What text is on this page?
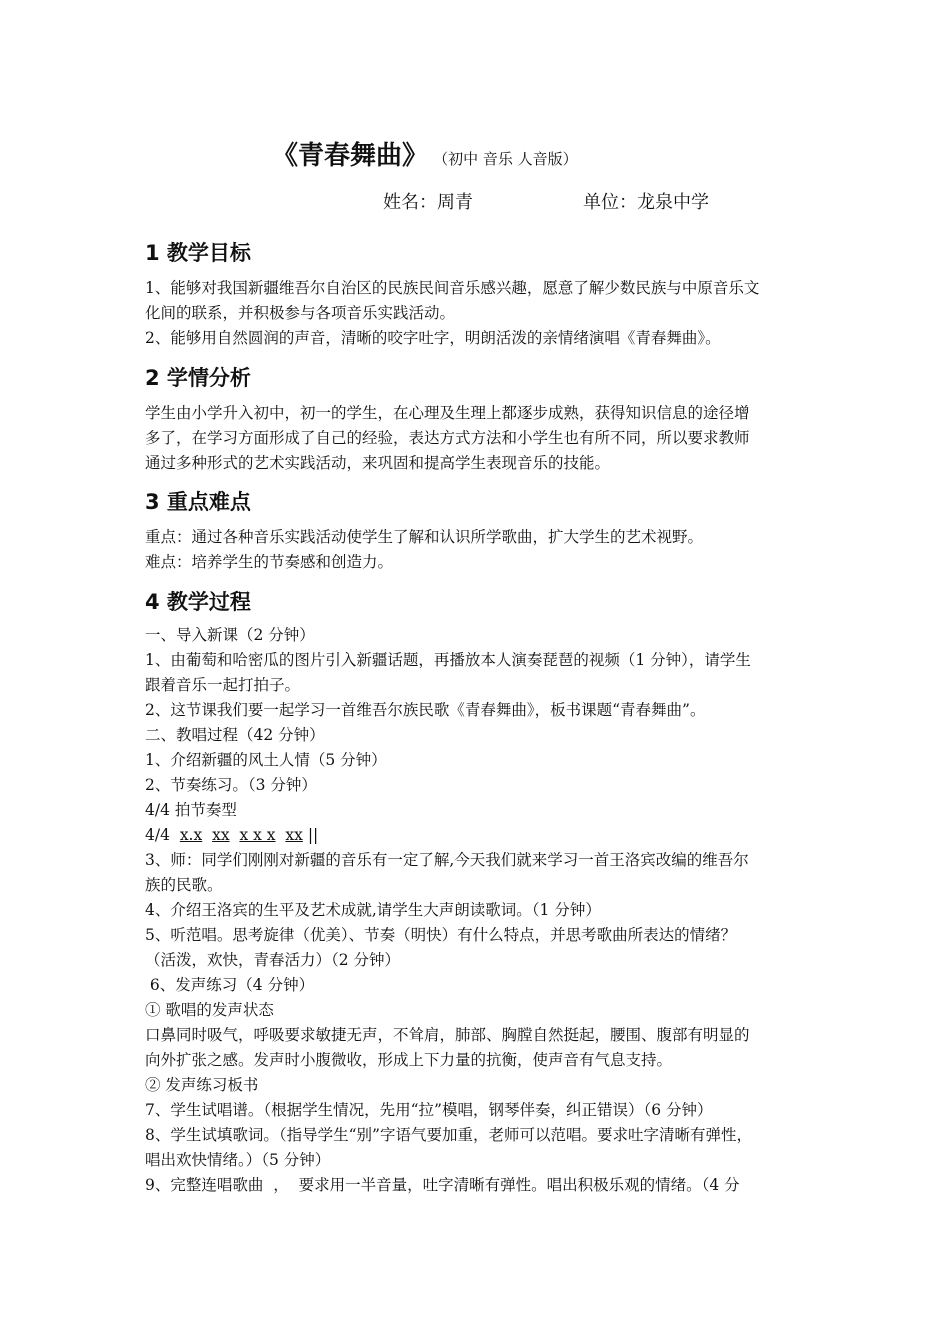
《青春舞曲》 （初中 音乐 人音版）
姓名：周青	单位：龙泉中学
1 教学目标
1、能够对我国新疆维吾尔自治区的民族民间音乐感兴趣，愿意了解少数民族与中原音乐文
化间的联系，并积极参与各项音乐实践活动。
2、能够用自然圆润的声音，清晰的咬字吐字，明朗活泼的亲情绪演唱《青春舞曲》。
2 学情分析
学生由小学升入初中，初一的学生，在心理及生理上都逐步成熟，获得知识信息的途径增
多了，在学习方面形成了自己的经验，表达方式方法和小学生也有所不同，所以要求教师
通过多种形式的艺术实践活动，来巩固和提高学生表现音乐的技能。
3 重点难点
重点：通过各种音乐实践活动使学生了解和认识所学歌曲，扩大学生的艺术视野。
难点：培养学生的节奏感和创造力。
4 教学过程
一、导入新课（2 分钟）
1、由葡萄和哈密瓜的图片引入新疆话题，再播放本人演奏琵琶的视频（1 分钟），请学生
跟着音乐一起打拍子。
2、这节课我们要一起学习一首维吾尔族民歌《青春舞曲》，板书课题“青春舞曲”。
二、教唱过程（42 分钟）
1、介绍新疆的风土人情（5 分钟）
2、节奏练习。（3 分钟）
4/4 拍节奏型
4/4 x.x xx x x x xx ||
3、师：同学们刚刚对新疆的音乐有一定了解,今天我们就来学习一首王洛宾改编的维吾尔
族的民歌。
4、介绍王洛宾的生平及艺术成就,请学生大声朗读歌词。（1 分钟）
5、听范唱。思考旋律（优美）、节奏（明快）有什么特点，并思考歌曲所表达的情绪？
（活泼，欢快，青春活力）（2 分钟）
6、发声练习（4 分钟）
① 歌唱的发声状态
口鼻同时吸气，呼吸要求敏捷无声，不耸肩，肺部、胸膛自然挺起，腰围、腹部有明显的
向外扩张之感。发声时小腹微收，形成上下力量的抗衡，使声音有气息支持。
② 发声练习板书
7、学生试唱谱。（根据学生情况，先用“拉”模唱，钢琴伴奏，纠正错误）（6 分钟）
8、学生试填歌词。（指导学生“别”字语气要加重，老师可以范唱。要求吐字清晰有弹性，
唱出欢快情绪。）（5 分钟）
9、完整连唱歌曲  ，  要求用一半音量，吐字清晰有弹性。唱出积极乐观的情绪。（4 分
